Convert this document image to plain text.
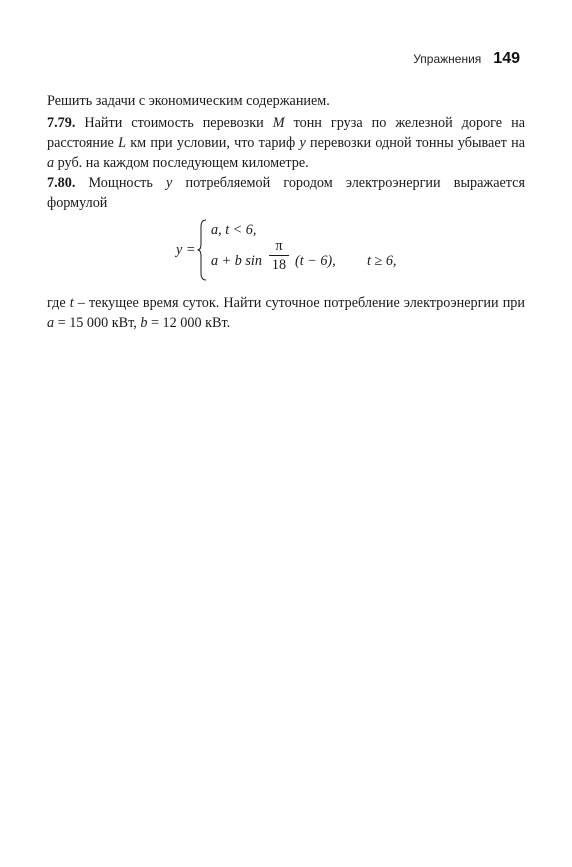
Упражнения 149

Решить задачи с экономическим содержанием.

7.79. Найти стоимость перевозки M тонн груза по железной дороге на расстояние L км при условии, что тариф y перевозки одной тонны убывает на a руб. на каждом последующем километре.

7.80. Мощность y потребляемой городом электроэнергии выражается формулой

y =
a, t < 6,
a + b sin
π
18 (t − 6), t ≥ 6,

где t – текущее время суток. Найти суточное потребление электроэнергии при a = 15 000 кВт, b = 12 000 кВт.
